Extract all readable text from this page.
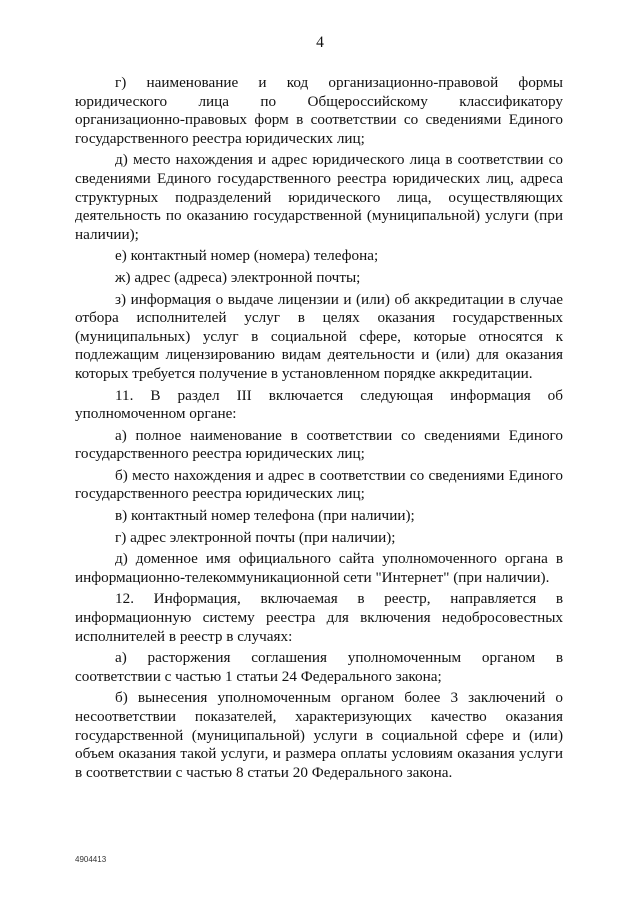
4

г) наименование и код организационно-правовой формы юридического лица по Общероссийскому классификатору организационно-правовых форм в соответствии со сведениями Единого государственного реестра юридических лиц;

д) место нахождения и адрес юридического лица в соответствии со сведениями Единого государственного реестра юридических лиц, адреса структурных подразделений юридического лица, осуществляющих деятельность по оказанию государственной (муниципальной) услуги (при наличии);

е) контактный номер (номера) телефона;

ж) адрес (адреса) электронной почты;

з) информация о выдаче лицензии и (или) об аккредитации в случае отбора исполнителей услуг в целях оказания государственных (муниципальных) услуг в социальной сфере, которые относятся к подлежащим лицензированию видам деятельности и (или) для оказания которых требуется получение в установленном порядке аккредитации.

11. В раздел III включается следующая информация об уполномоченном органе:

а) полное наименование в соответствии со сведениями Единого государственного реестра юридических лиц;

б) место нахождения и адрес в соответствии со сведениями Единого государственного реестра юридических лиц;

в) контактный номер телефона (при наличии);

г) адрес электронной почты (при наличии);

д) доменное имя официального сайта уполномоченного органа в информационно-телекоммуникационной сети "Интернет" (при наличии).

12. Информация, включаемая в реестр, направляется в информационную систему реестра для включения недобросовестных исполнителей в реестр в случаях:

а) расторжения соглашения уполномоченным органом в соответствии с частью 1 статьи 24 Федерального закона;

б) вынесения уполномоченным органом более 3 заключений о несоответствии показателей, характеризующих качество оказания государственной (муниципальной) услуги в социальной сфере и (или) объем оказания такой услуги, и размера оплаты условиям оказания услуги в соответствии с частью 8 статьи 20 Федерального закона.

4904413
